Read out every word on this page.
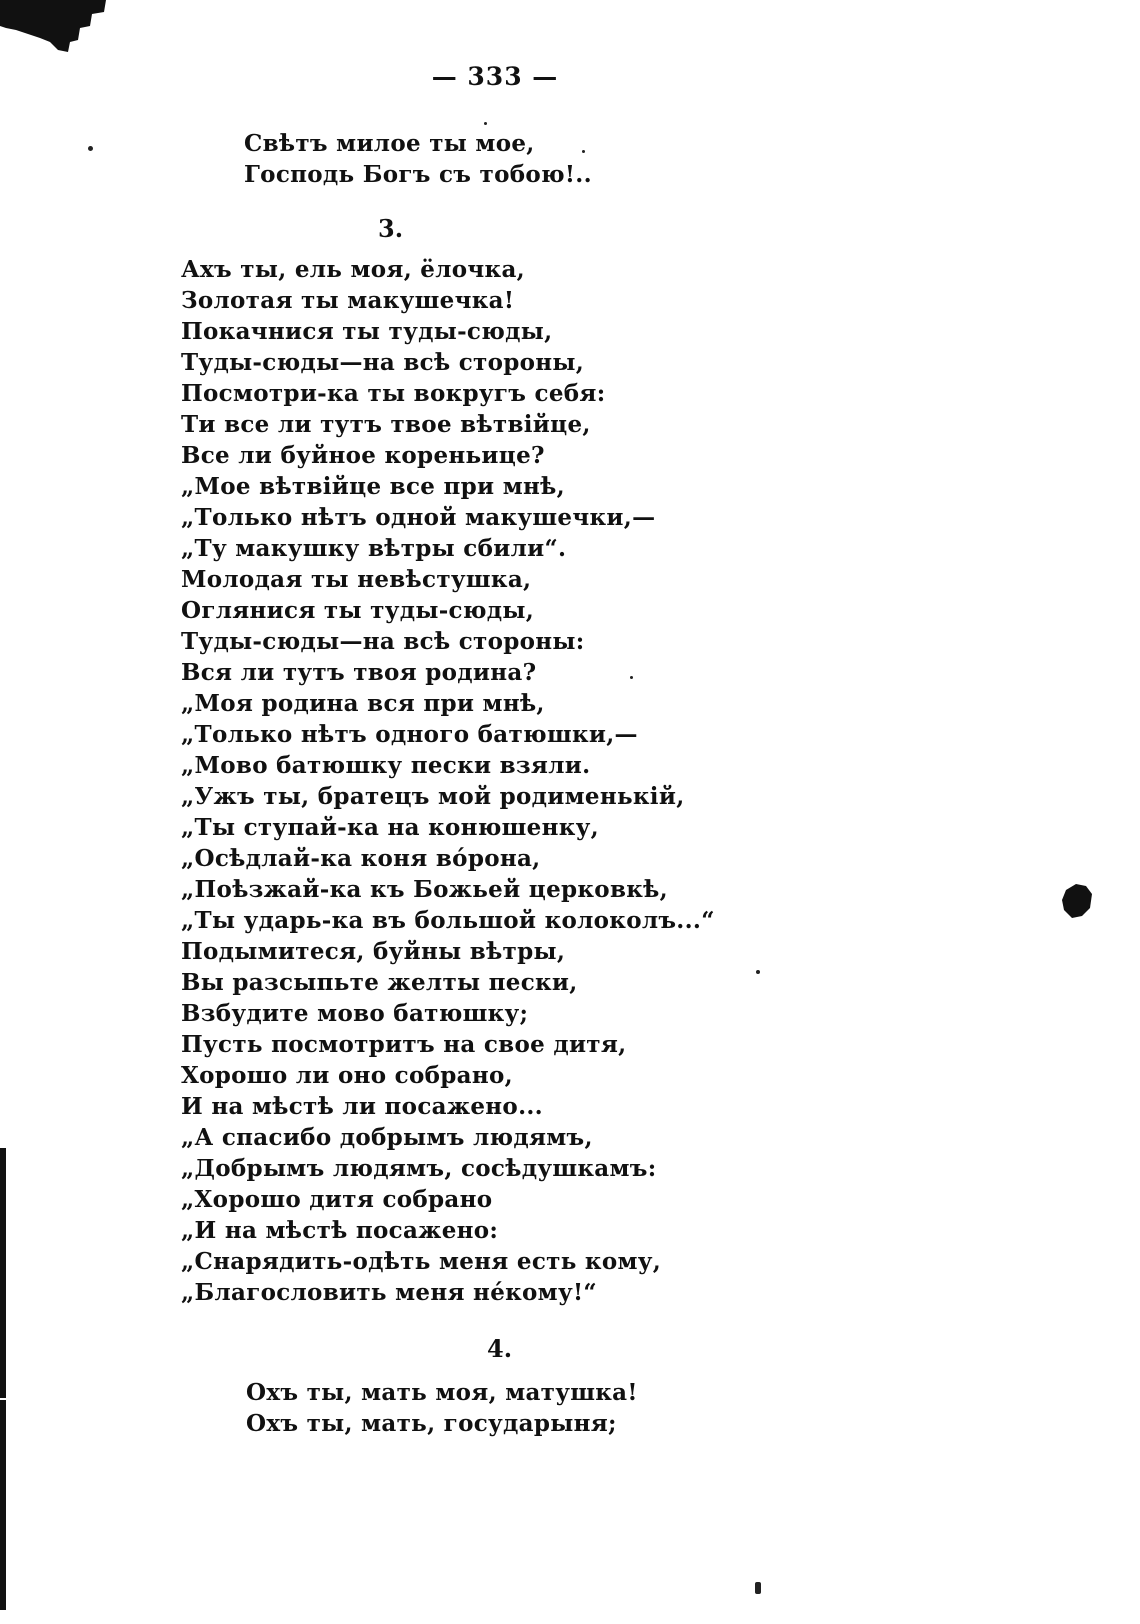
— 333 —
Свѣтъ милое ты мое,
Господь Богъ съ тобою!..
3.
Ахъ ты, ель моя, ёлочка,
Золотая ты макушечка!
Покачнися ты туды-сюды,
Туды-сюды—на всѣ стороны,
Посмотри-ка ты вокругъ себя:
Ти все ли тутъ твое вѣтвiйце,
Все ли буйное кореньице?
„Мое вѣтвiйце все при мнѣ,
„Только нѣтъ одной макушечки,—
„Ту макушку вѣтры сбили“.
Молодая ты невѣстушка,
Оглянися ты туды-сюды,
Туды-сюды—на всѣ стороны:
Вся ли тутъ твоя родина?
„Моя родина вся при мнѣ,
„Только нѣтъ одного батюшки,—
„Мово батюшку пески взяли.
„Ужъ ты, братецъ мой родименькiй,
„Ты ступай-ка на конюшенку,
„Осѣдлай-ка коня вóрона,
„Поѣзжай-ка къ Божьей церковкѣ,
„Ты ударь-ка въ большой колоколъ...“
Подымитеся, буйны вѣтры,
Вы разсыпьте желты пески,
Взбудите мово батюшку;
Пусть посмотритъ на свое дитя,
Хорошо ли оно собрано,
И на мѣстѣ ли посажено...
„А спасибо добрымъ людямъ,
„Добрымъ людямъ, сосѣдушкамъ:
„Хорошо дитя собрано
„И на мѣстѣ посажено:
„Снарядить-одѣть меня есть кому,
„Благословить меня нéкому!“
4.
Охъ ты, мать моя, матушка!
Охъ ты, мать, государыня;
